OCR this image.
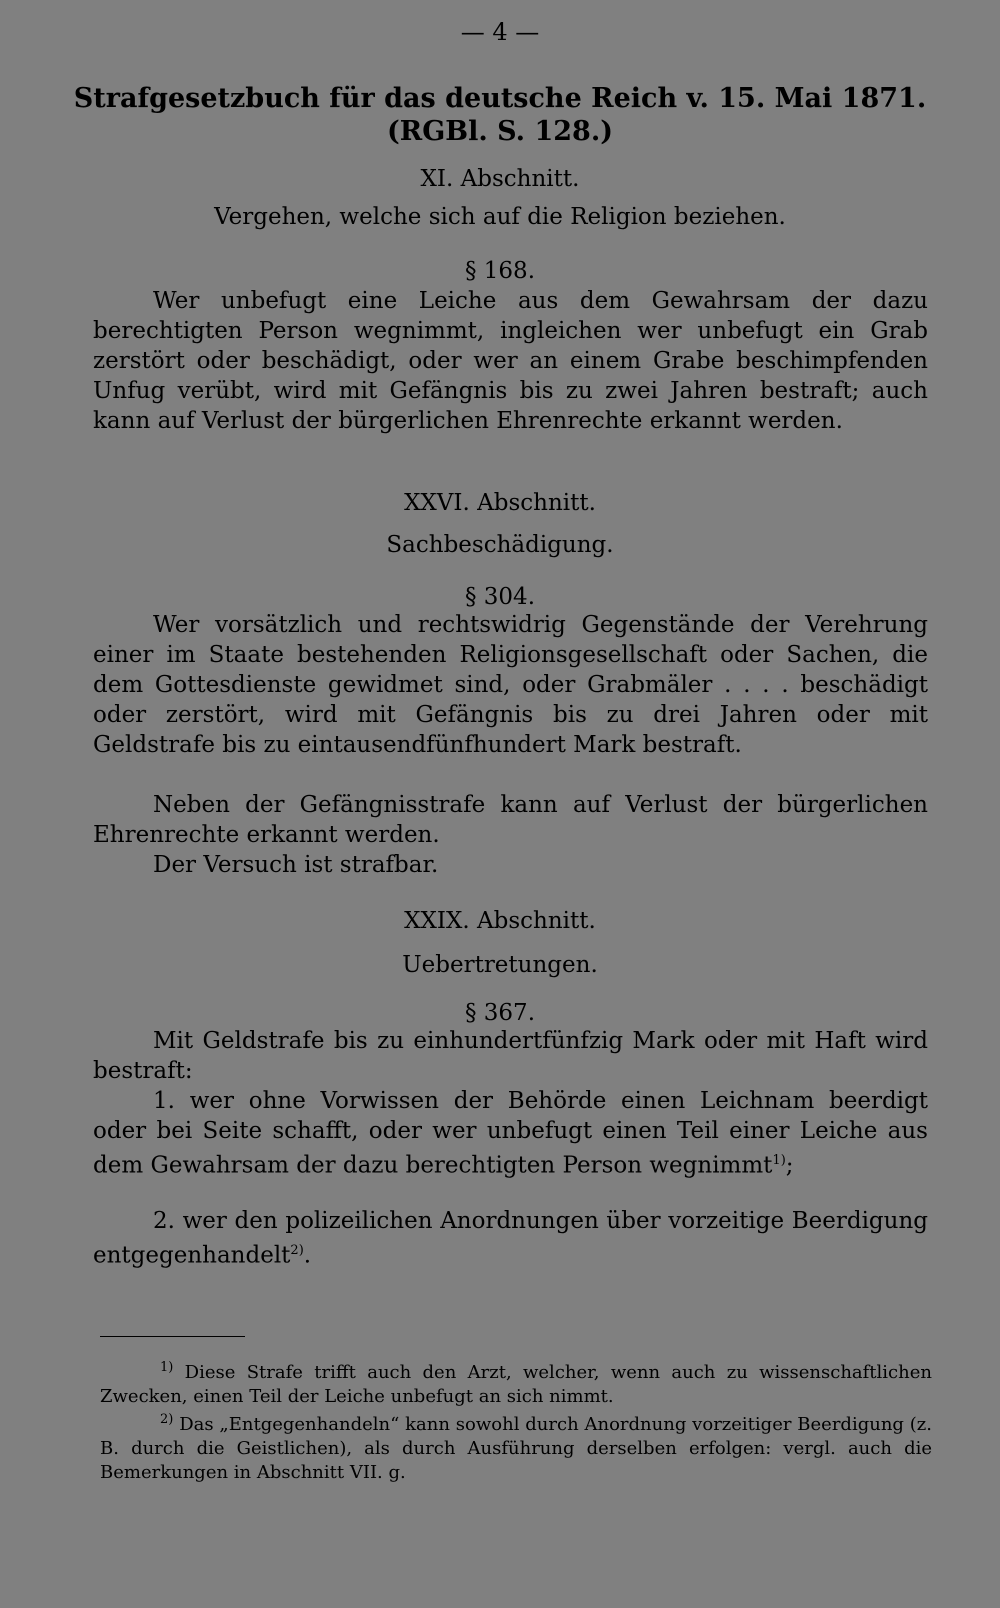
— 4 —
Strafgesetzbuch für das deutsche Reich v. 15. Mai 1871.
(RGBl. S. 128.)
XI. Abschnitt.
Vergehen, welche sich auf die Religion beziehen.
§ 168.
Wer unbefugt eine Leiche aus dem Gewahrsam der dazu berechtigten Person wegnimmt, ingleichen wer unbefugt ein Grab zerstört oder beschädigt, oder wer an einem Grabe beschimpfenden Unfug verübt, wird mit Gefängnis bis zu zwei Jahren bestraft; auch kann auf Verlust der bürgerlichen Ehrenrechte erkannt werden.
XXVI. Abschnitt.
Sachbeschädigung.
§ 304.
Wer vorsätzlich und rechtswidrig Gegenstände der Verehrung einer im Staate bestehenden Religionsgesellschaft oder Sachen, die dem Gottesdienste gewidmet sind, oder Grabmäler . . . . beschädigt oder zerstört, wird mit Gefängnis bis zu drei Jahren oder mit Geldstrafe bis zu eintausendfünfhundert Mark bestraft.
Neben der Gefängnisstrafe kann auf Verlust der bürgerlichen Ehrenrechte erkannt werden.
Der Versuch ist strafbar.
XXIX. Abschnitt.
Uebertretungen.
§ 367.
Mit Geldstrafe bis zu einhundertfünfzig Mark oder mit Haft wird bestraft:
1. wer ohne Vorwissen der Behörde einen Leichnam beerdigt oder bei Seite schafft, oder wer unbefugt einen Teil einer Leiche aus dem Gewahrsam der dazu berechtigten Person wegnimmt$^{1)}$;
2. wer den polizeilichen Anordnungen über vorzeitige Beerdigung entgegenhandelt$^{2)}$.
$^{1)}$ Diese Strafe trifft auch den Arzt, welcher, wenn auch zu wissenschaftlichen Zwecken, einen Teil der Leiche unbefugt an sich nimmt.
$^{2)}$ Das „Entgegenhandeln“ kann sowohl durch Anordnung vorzeitiger Beerdigung (z. B. durch die Geistlichen), als durch Ausführung derselben erfolgen: vergl. auch die Bemerkungen in Abschnitt VII. g.
